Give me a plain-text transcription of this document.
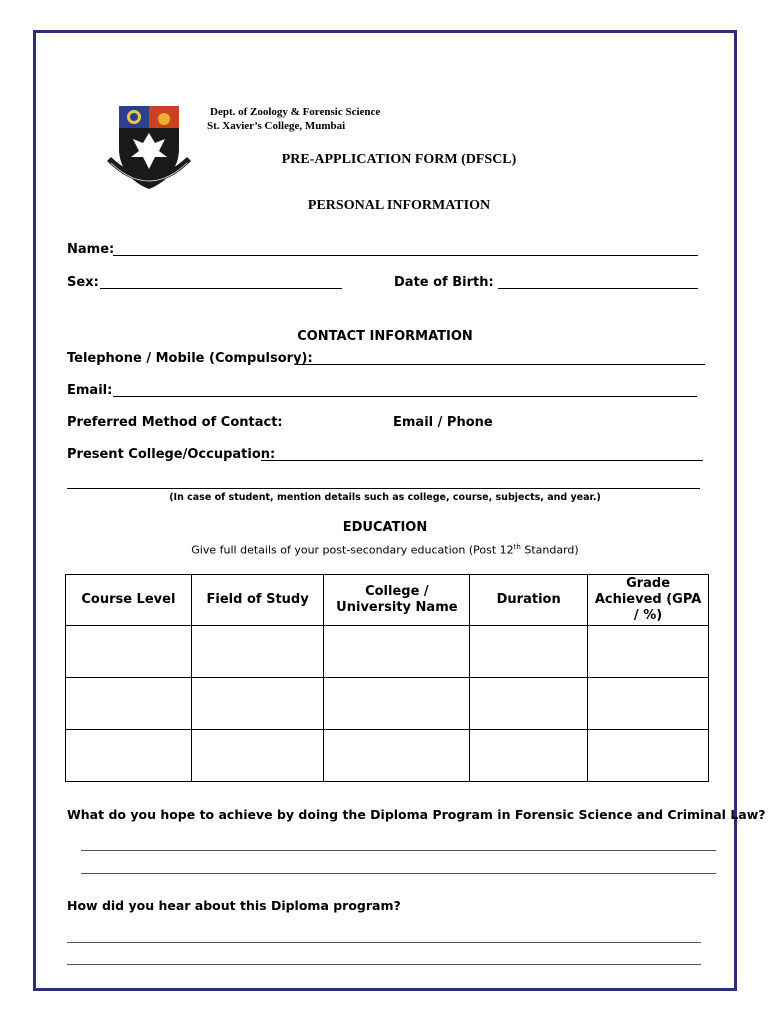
Dept. of Zoology & Forensic Science
St. Xavier’s College, Mumbai
PRE-APPLICATION FORM (DFSCL)
PERSONAL INFORMATION
Name:
Sex:	Date of Birth:
CONTACT INFORMATION
Telephone / Mobile (Compulsory):
Email:
Preferred Method of Contact:	Email / Phone
Present College/Occupation:
(In case of student, mention details such as college, course, subjects, and year.)
EDUCATION
Give full details of your post-secondary education (Post 12th Standard)
Course Level	Field of Study	College / University Name	Duration	Grade Achieved (GPA / %)

What do you hope to achieve by doing the Diploma Program in Forensic Science and Criminal Law?
How did you hear about this Diploma program?
